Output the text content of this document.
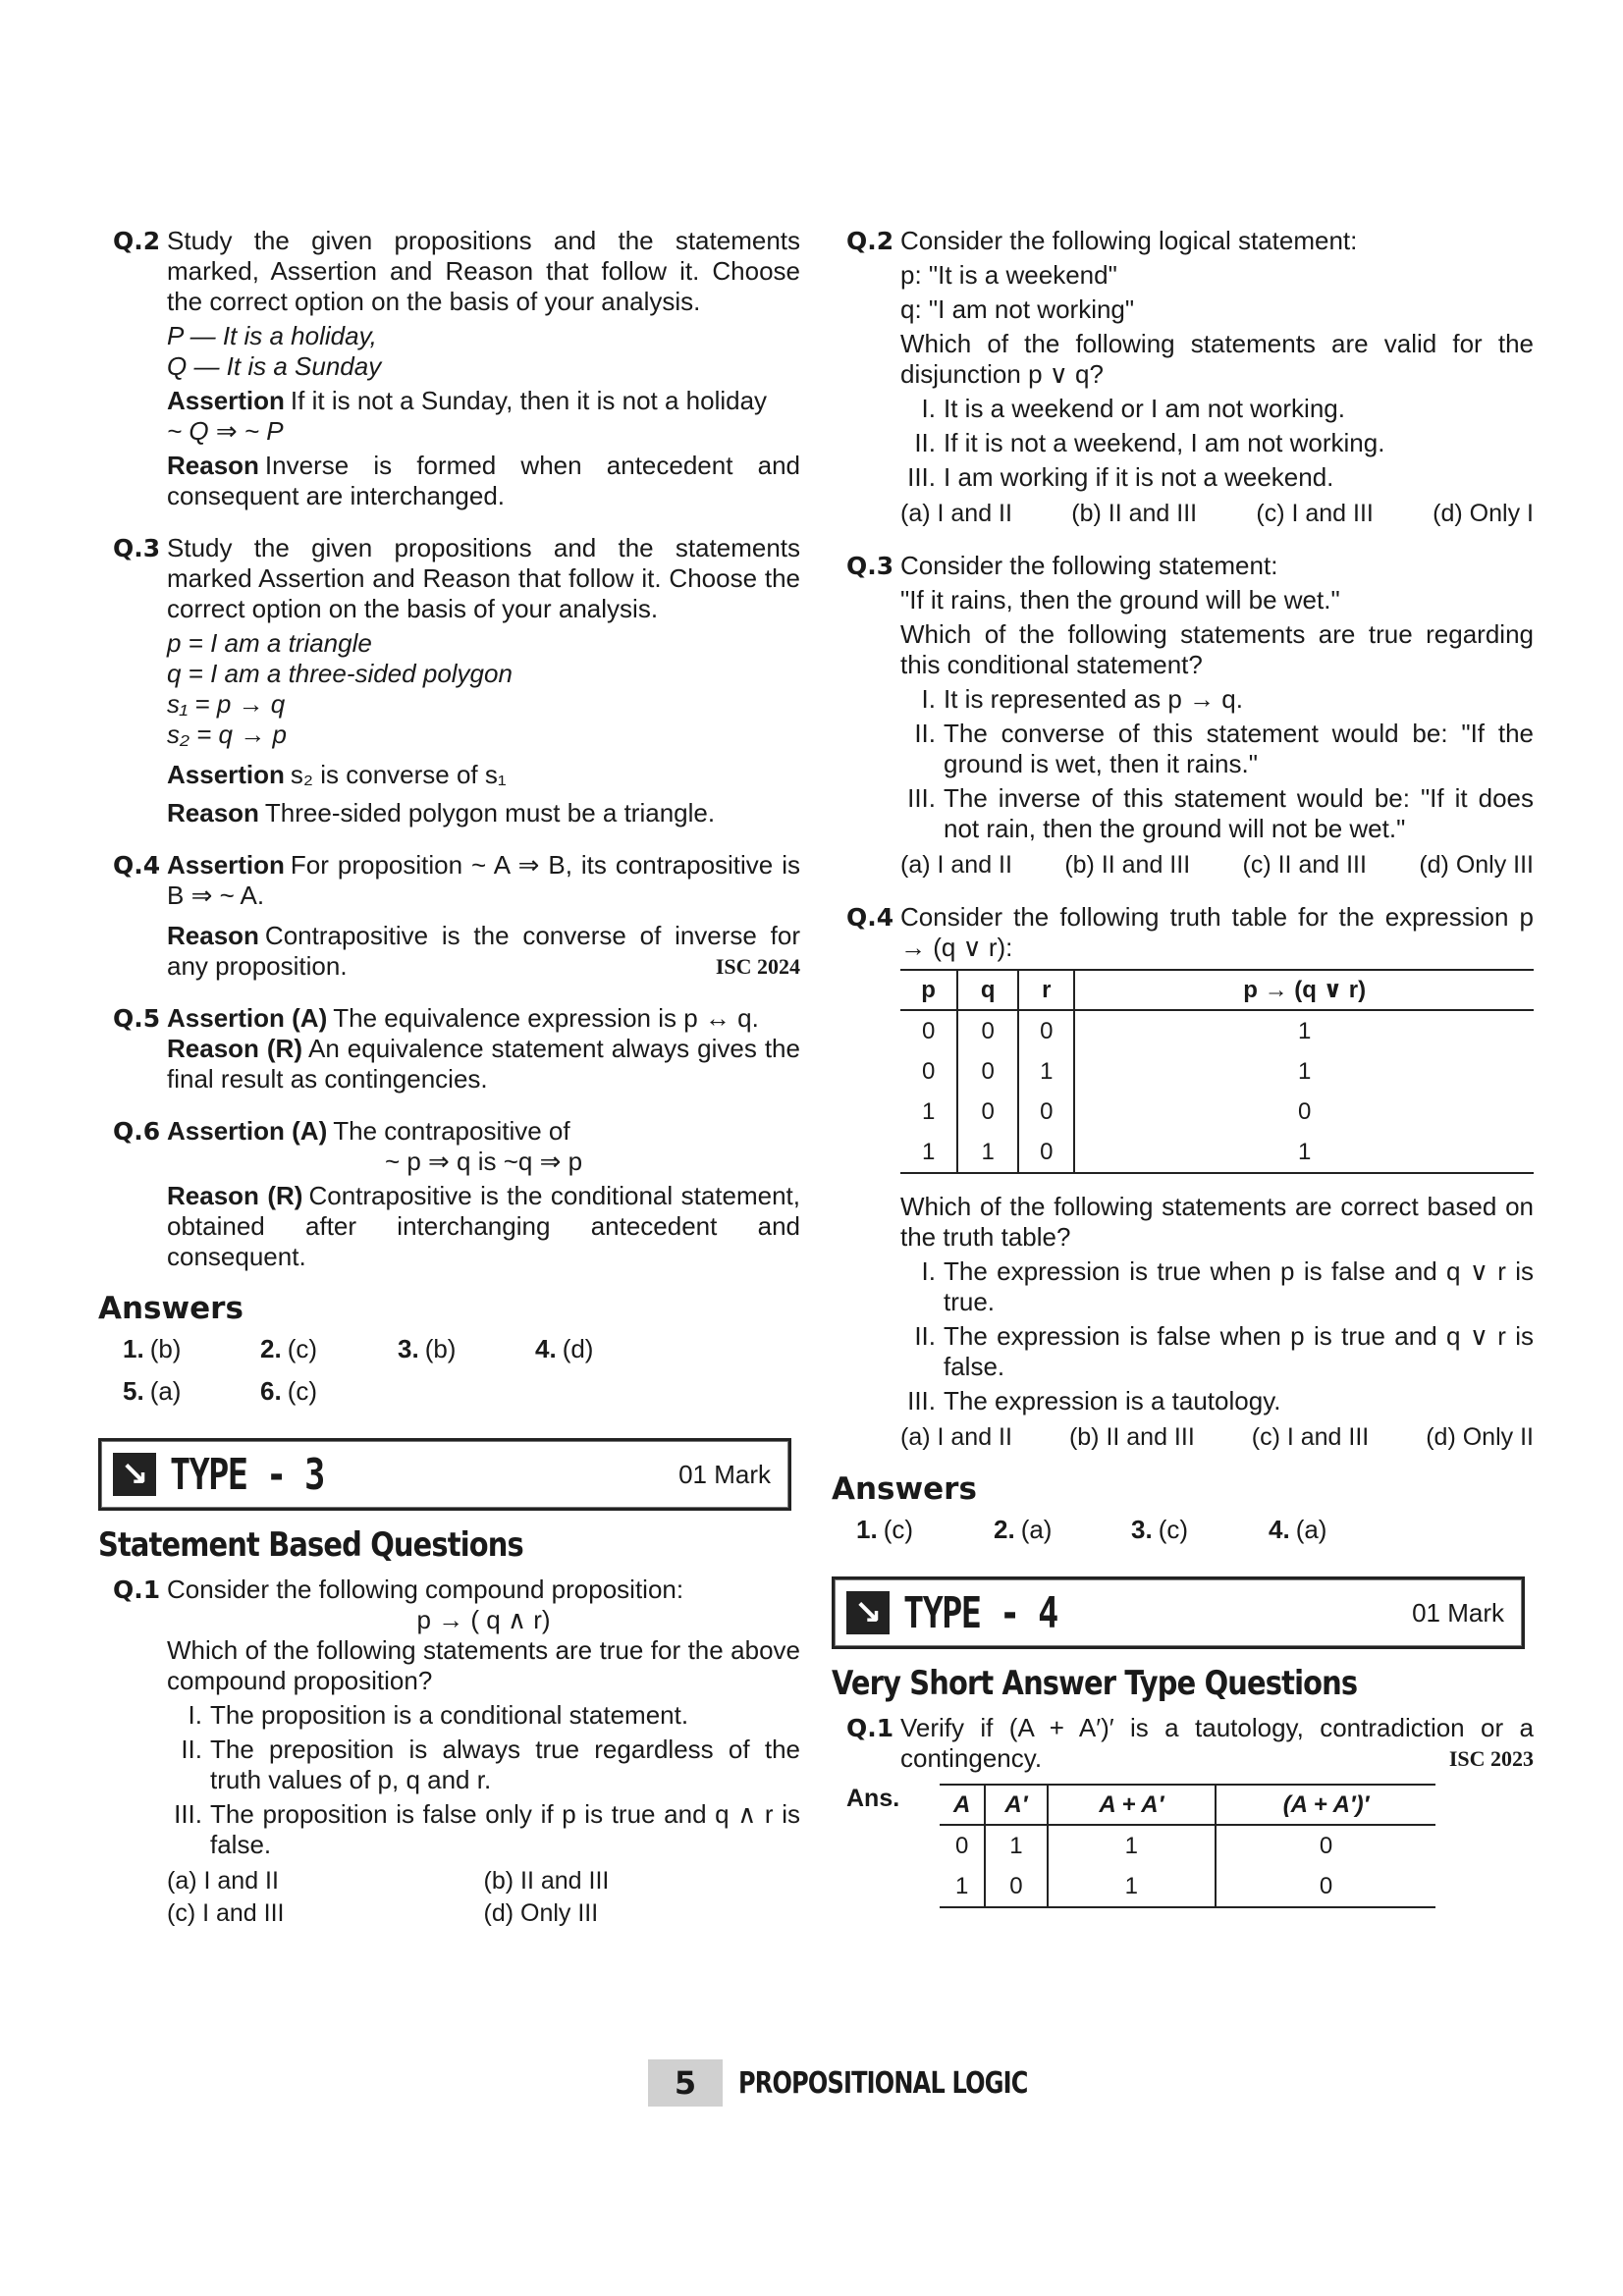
Q.2 Study the given propositions and the statements marked, Assertion and Reason that follow it. Choose the correct option on the basis of your analysis.
P — It is a holiday,
Q — It is a Sunday
Assertion If it is not a Sunday, then it is not a holiday
~ Q ⇒ ~ P
Reason Inverse is formed when antecedent and consequent are interchanged.
Q.3 Study the given propositions and the statements marked Assertion and Reason that follow it. Choose the correct option on the basis of your analysis.
p = I am a triangle
q = I am a three-sided polygon
s₁ = p → q
s₂ = q → p
Assertion s₂ is converse of s₁
Reason Three-sided polygon must be a triangle.
Q.4 Assertion For proposition ~ A ⇒ B, its contrapositive is B ⇒ ~ A.
Reason Contrapositive is the converse of inverse for any proposition.	ISC 2024
Q.5 Assertion (A) The equivalence expression is p ↔ q.
Reason (R) An equivalence statement always gives the final result as contingencies.
Q.6 Assertion (A) The contrapositive of
~ p ⇒ q is ~q ⇒ p
Reason (R) Contrapositive is the conditional statement, obtained after interchanging antecedent and consequent.
Answers
1. (b)	2. (c)	3. (b)	4. (d)
5. (a)	6. (c)
↘ TYPE - 3	01 Mark
Statement Based Questions
Q.1 Consider the following compound proposition:
p → ( q ∧ r)
Which of the following statements are true for the above compound proposition?
I. The proposition is a conditional statement.
II. The preposition is always true regardless of the truth values of p, q and r.
III. The proposition is false only if p is true and q ∧ r is false.
(a) I and II	(b) II and III
(c) I and III	(d) Only III
Q.2 Consider the following logical statement:
p: "It is a weekend"
q: "I am not working"
Which of the following statements are valid for the disjunction p ∨ q?
I. It is a weekend or I am not working.
II. If it is not a weekend, I am not working.
III. I am working if it is not a weekend.
(a) I and II (b) II and III (c) I and III (d) Only I
Q.3 Consider the following statement:
"If it rains, then the ground will be wet."
Which of the following statements are true regarding this conditional statement?
I. It is represented as p → q.
II. The converse of this statement would be: "If the ground is wet, then it rains."
III. The inverse of this statement would be: "If it does not rain, then the ground will not be wet."
(a) I and II (b) II and III (c) II and III (d) Only III
Q.4 Consider the following truth table for the expression p → (q ∨ r):
p	q	r	p → (q ∨ r)
0	0	0	1
0	0	1	1
1	0	0	0
1	1	0	1
Which of the following statements are correct based on the truth table?
I. The expression is true when p is false and q ∨ r is true.
II. The expression is false when p is true and q ∨ r is false.
III. The expression is a tautology.
(a) I and II (b) II and III (c) I and III (d) Only II
Answers
1. (c)	2. (a)	3. (c)	4. (a)
↘ TYPE - 4	01 Mark
Very Short Answer Type Questions
Q.1 Verify if (A + A′)′ is a tautology, contradiction or a contingency.	ISC 2023
Ans. A	A′	A + A′	(A + A′)′
0	1	1	0
1	0	1	0
5	PROPOSITIONAL LOGIC
